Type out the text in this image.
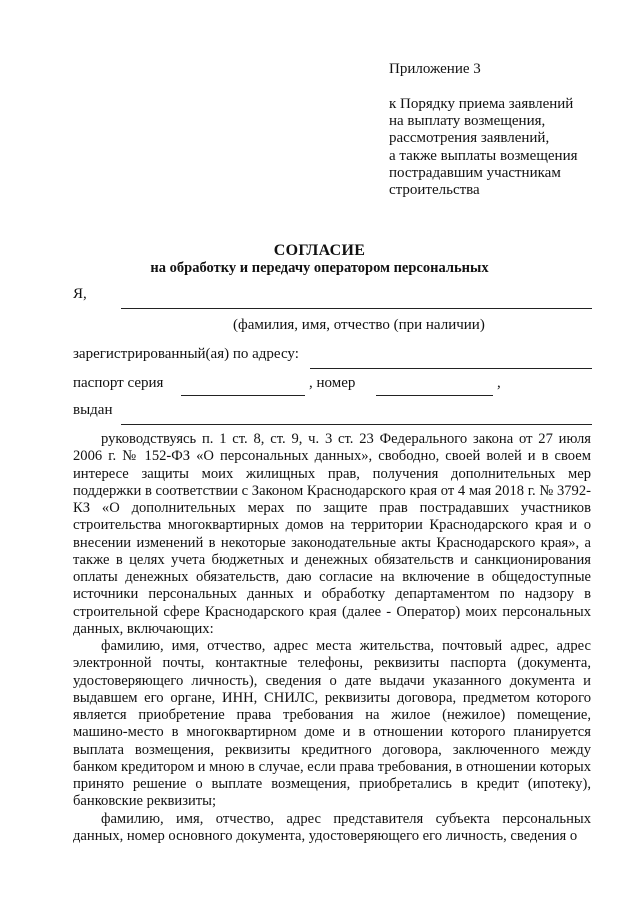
Приложение 3
к Порядку приема заявлений
на выплату возмещения,
рассмотрения заявлений,
а также выплаты возмещения
пострадавшим участникам
строительства
СОГЛАСИЕ
на обработку и передачу оператором персональных
Я,
(фамилия, имя, отчество (при наличии)
зарегистрированный(ая) по адресу:
паспорт серия	, номер	,
выдан

руководствуясь п. 1 ст. 8, ст. 9, ч. 3 ст. 23 Федерального закона от 27 июля 2006 г. № 152-ФЗ «О персональных данных», свободно, своей волей и в своем интересе защиты моих жилищных прав, получения дополнительных мер поддержки в соответствии с Законом Краснодарского края от 4 мая 2018 г. № 3792-КЗ «О дополнительных мерах по защите прав пострадавших участников строительства многоквартирных домов на территории Краснодарского края и о внесении изменений в некоторые законодательные акты Краснодарского края», а также в целях учета бюджетных и денежных обязательств и санкционирования оплаты денежных обязательств, даю согласие на включение в общедоступные источники персональных данных и обработку департаментом по надзору в строительной сфере Краснодарского края (далее - Оператор) моих персональных данных, включающих:

фамилию, имя, отчество, адрес места жительства, почтовый адрес, адрес электронной почты, контактные телефоны, реквизиты паспорта (документа, удостоверяющего личность), сведения о дате выдачи указанного документа и выдавшем его органе, ИНН, СНИЛС, реквизиты договора, предметом которого является приобретение права требования на жилое (нежилое) помещение, машино-место в многоквартирном доме и в отношении которого планируется выплата возмещения, реквизиты кредитного договора, заключенного между банком кредитором и мною в случае, если права требования, в отношении которых принято решение о выплате возмещения, приобретались в кредит (ипотеку), банковские реквизиты;

фамилию, имя, отчество, адрес представителя субъекта персональных данных, номер основного документа, удостоверяющего его личность, сведения о
